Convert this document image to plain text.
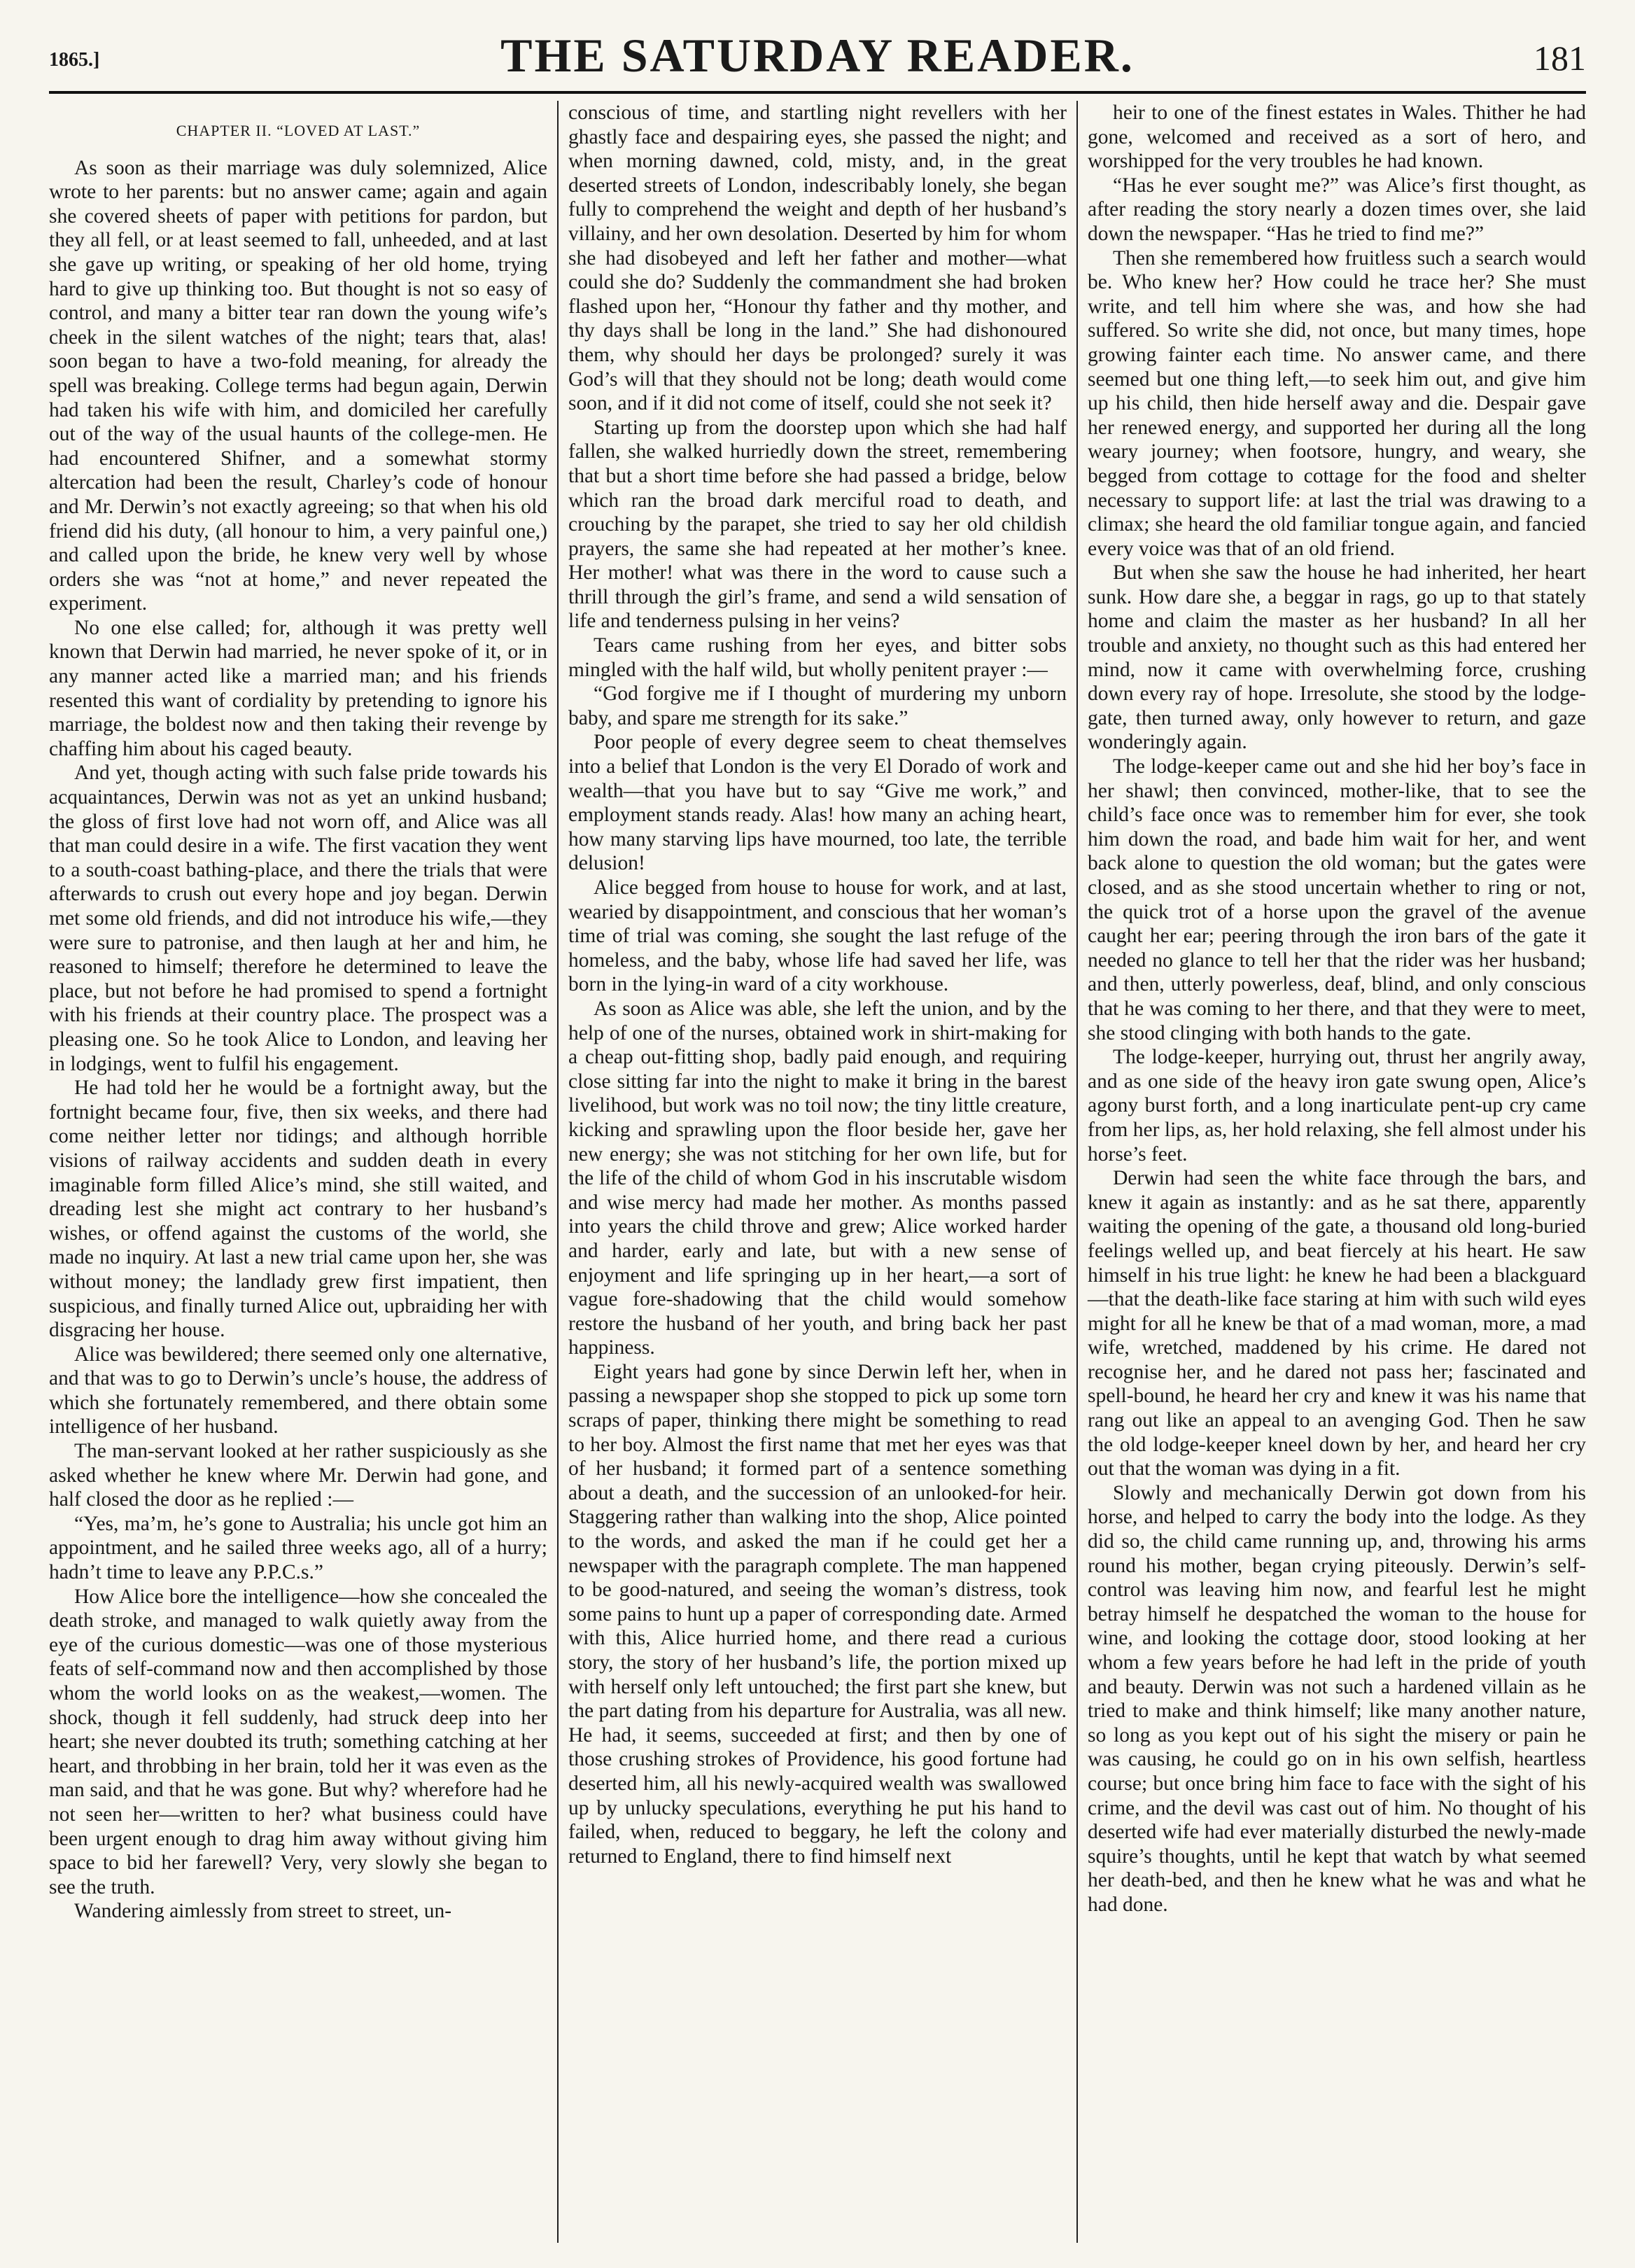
1865.]	THE SATURDAY READER.	181
CHAPTER II. “LOVED AT LAST.”

As soon as their marriage was duly solemnized, Alice wrote to her parents: but no answer came; again and again she covered sheets of paper with petitions for pardon, but they all fell, or at least seemed to fall, unheeded, and at last she gave up writing, or speaking of her old home, trying hard to give up thinking too. But thought is not so easy of control, and many a bitter tear ran down the young wife’s cheek in the silent watches of the night; tears that, alas! soon began to have a two-fold meaning, for already the spell was breaking. College terms had begun again, Derwin had taken his wife with him, and domiciled her carefully out of the way of the usual haunts of the college-men. He had encountered Shifner, and a somewhat stormy altercation had been the result, Charley’s code of honour and Mr. Derwin’s not exactly agreeing; so that when his old friend did his duty, (all honour to him, a very painful one,) and called upon the bride, he knew very well by whose orders she was “not at home,” and never repeated the experiment.

No one else called; for, although it was pretty well known that Derwin had married, he never spoke of it, or in any manner acted like a married man; and his friends resented this want of cordiality by pretending to ignore his marriage, the boldest now and then taking their revenge by chaffing him about his caged beauty.

And yet, though acting with such false pride towards his acquaintances, Derwin was not as yet an unkind husband; the gloss of first love had not worn off, and Alice was all that man could desire in a wife. The first vacation they went to a south-coast bathing-place, and there the trials that were afterwards to crush out every hope and joy began. Derwin met some old friends, and did not introduce his wife,—they were sure to patronise, and then laugh at her and him, he reasoned to himself; therefore he determined to leave the place, but not before he had promised to spend a fortnight with his friends at their country place. The prospect was a pleasing one. So he took Alice to London, and leaving her in lodgings, went to fulfil his engagement.

He had told her he would be a fortnight away, but the fortnight became four, five, then six weeks, and there had come neither letter nor tidings; and although horrible visions of railway accidents and sudden death in every imaginable form filled Alice’s mind, she still waited, and dreading lest she might act contrary to her husband’s wishes, or offend against the customs of the world, she made no inquiry. At last a new trial came upon her, she was without money; the landlady grew first impatient, then suspicious, and finally turned Alice out, upbraiding her with disgracing her house.

Alice was bewildered; there seemed only one alternative, and that was to go to Derwin’s uncle’s house, the address of which she fortunately remembered, and there obtain some intelligence of her husband.

The man-servant looked at her rather suspiciously as she asked whether he knew where Mr. Derwin had gone, and half closed the door as he replied :—

“Yes, ma’m, he’s gone to Australia; his uncle got him an appointment, and he sailed three weeks ago, all of a hurry; hadn’t time to leave any P.P.C.s.”

How Alice bore the intelligence—how she concealed the death stroke, and managed to walk quietly away from the eye of the curious domestic—was one of those mysterious feats of self-command now and then accomplished by those whom the world looks on as the weakest,—women. The shock, though it fell suddenly, had struck deep into her heart; she never doubted its truth; something catching at her heart, and throbbing in her brain, told her it was even as the man said, and that he was gone. But why? wherefore had he not seen her—written to her? what business could have been urgent enough to drag him away without giving him space to bid her farewell? Very, very slowly she began to see the truth.

Wandering aimlessly from street to street, un-

conscious of time, and startling night revellers with her ghastly face and despairing eyes, she passed the night; and when morning dawned, cold, misty, and, in the great deserted streets of London, indescribably lonely, she began fully to comprehend the weight and depth of her husband’s villainy, and her own desolation. Deserted by him for whom she had disobeyed and left her father and mother—what could she do? Suddenly the commandment she had broken flashed upon her, “Honour thy father and thy mother, and thy days shall be long in the land.” She had dishonoured them, why should her days be prolonged? surely it was God’s will that they should not be long; death would come soon, and if it did not come of itself, could she not seek it?

Starting up from the doorstep upon which she had half fallen, she walked hurriedly down the street, remembering that but a short time before she had passed a bridge, below which ran the broad dark merciful road to death, and crouching by the parapet, she tried to say her old childish prayers, the same she had repeated at her mother’s knee. Her mother! what was there in the word to cause such a thrill through the girl’s frame, and send a wild sensation of life and tenderness pulsing in her veins?

Tears came rushing from her eyes, and bitter sobs mingled with the half wild, but wholly penitent prayer :—

“God forgive me if I thought of murdering my unborn baby, and spare me strength for its sake.”

Poor people of every degree seem to cheat themselves into a belief that London is the very El Dorado of work and wealth—that you have but to say “Give me work,” and employment stands ready. Alas! how many an aching heart, how many starving lips have mourned, too late, the terrible delusion!

Alice begged from house to house for work, and at last, wearied by disappointment, and conscious that her woman’s time of trial was coming, she sought the last refuge of the homeless, and the baby, whose life had saved her life, was born in the lying-in ward of a city workhouse.

As soon as Alice was able, she left the union, and by the help of one of the nurses, obtained work in shirt-making for a cheap out-fitting shop, badly paid enough, and requiring close sitting far into the night to make it bring in the barest livelihood, but work was no toil now; the tiny little creature, kicking and sprawling upon the floor beside her, gave her new energy; she was not stitching for her own life, but for the life of the child of whom God in his inscrutable wisdom and wise mercy had made her mother. As months passed into years the child throve and grew; Alice worked harder and harder, early and late, but with a new sense of enjoyment and life springing up in her heart,—a sort of vague fore-shadowing that the child would somehow restore the husband of her youth, and bring back her past happiness.

Eight years had gone by since Derwin left her, when in passing a newspaper shop she stopped to pick up some torn scraps of paper, thinking there might be something to read to her boy. Almost the first name that met her eyes was that of her husband; it formed part of a sentence something about a death, and the succession of an unlooked-for heir. Staggering rather than walking into the shop, Alice pointed to the words, and asked the man if he could get her a newspaper with the paragraph complete. The man happened to be good-natured, and seeing the woman’s distress, took some pains to hunt up a paper of corresponding date. Armed with this, Alice hurried home, and there read a curious story, the story of her husband’s life, the portion mixed up with herself only left untouched; the first part she knew, but the part dating from his departure for Australia, was all new. He had, it seems, succeeded at first; and then by one of those crushing strokes of Providence, his good fortune had deserted him, all his newly-acquired wealth was swallowed up by unlucky speculations, everything he put his hand to failed, when, reduced to beggary, he left the colony and returned to England, there to find himself next

heir to one of the finest estates in Wales. Thither he had gone, welcomed and received as a sort of hero, and worshipped for the very troubles he had known.

“Has he ever sought me?” was Alice’s first thought, as after reading the story nearly a dozen times over, she laid down the newspaper. “Has he tried to find me?”

Then she remembered how fruitless such a search would be. Who knew her? How could he trace her? She must write, and tell him where she was, and how she had suffered. So write she did, not once, but many times, hope growing fainter each time. No answer came, and there seemed but one thing left,—to seek him out, and give him up his child, then hide herself away and die. Despair gave her renewed energy, and supported her during all the long weary journey; when footsore, hungry, and weary, she begged from cottage to cottage for the food and shelter necessary to support life: at last the trial was drawing to a climax; she heard the old familiar tongue again, and fancied every voice was that of an old friend.

But when she saw the house he had inherited, her heart sunk. How dare she, a beggar in rags, go up to that stately home and claim the master as her husband? In all her trouble and anxiety, no thought such as this had entered her mind, now it came with overwhelming force, crushing down every ray of hope. Irresolute, she stood by the lodge-gate, then turned away, only however to return, and gaze wonderingly again.

The lodge-keeper came out and she hid her boy’s face in her shawl; then convinced, mother-like, that to see the child’s face once was to remember him for ever, she took him down the road, and bade him wait for her, and went back alone to question the old woman; but the gates were closed, and as she stood uncertain whether to ring or not, the quick trot of a horse upon the gravel of the avenue caught her ear; peering through the iron bars of the gate it needed no glance to tell her that the rider was her husband; and then, utterly powerless, deaf, blind, and only conscious that he was coming to her there, and that they were to meet, she stood clinging with both hands to the gate.

The lodge-keeper, hurrying out, thrust her angrily away, and as one side of the heavy iron gate swung open, Alice’s agony burst forth, and a long inarticulate pent-up cry came from her lips, as, her hold relaxing, she fell almost under his horse’s feet.

Derwin had seen the white face through the bars, and knew it again as instantly: and as he sat there, apparently waiting the opening of the gate, a thousand old long-buried feelings welled up, and beat fiercely at his heart. He saw himself in his true light: he knew he had been a blackguard—that the death-like face staring at him with such wild eyes might for all he knew be that of a mad woman, more, a mad wife, wretched, maddened by his crime. He dared not recognise her, and he dared not pass her; fascinated and spell-bound, he heard her cry and knew it was his name that rang out like an appeal to an avenging God. Then he saw the old lodge-keeper kneel down by her, and heard her cry out that the woman was dying in a fit.

Slowly and mechanically Derwin got down from his horse, and helped to carry the body into the lodge. As they did so, the child came running up, and, throwing his arms round his mother, began crying piteously. Derwin’s self-control was leaving him now, and fearful lest he might betray himself he despatched the woman to the house for wine, and looking the cottage door, stood looking at her whom a few years before he had left in the pride of youth and beauty. Derwin was not such a hardened villain as he tried to make and think himself; like many another nature, so long as you kept out of his sight the misery or pain he was causing, he could go on in his own selfish, heartless course; but once bring him face to face with the sight of his crime, and the devil was cast out of him. No thought of his deserted wife had ever materially disturbed the newly-made squire’s thoughts, until he kept that watch by what seemed her death-bed, and then he knew what he was and what he had done.
